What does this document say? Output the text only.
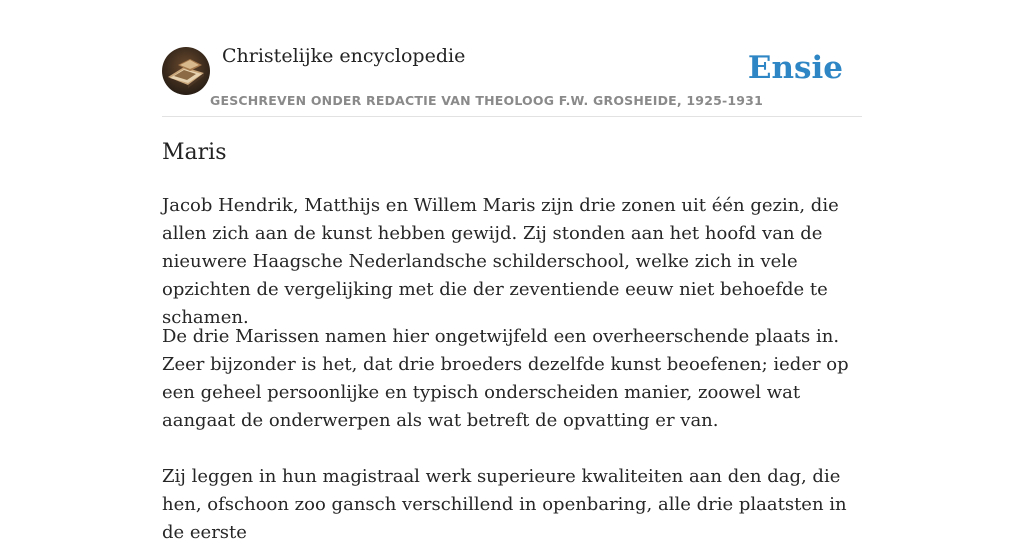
Christelijke encyclopedie
GESCHREVEN ONDER REDACTIE VAN THEOLOOG F.W. GROSHEIDE, 1925-1931
Ensie
Maris

Jacob Hendrik, Matthijs en Willem Maris zijn drie zonen uit één gezin, die allen zich aan de kunst hebben gewijd. Zij stonden aan het hoofd van de nieuwere Haagsche Nederlandsche schilderschool, welke zich in vele opzichten de vergelijking met die der zeventiende eeuw niet behoefde te schamen.

De drie Marissen namen hier ongetwijfeld een overheerschende plaats in. Zeer bijzonder is het, dat drie broeders dezelfde kunst beoefenen; ieder op een geheel persoonlijke en typisch onderscheiden manier, zoowel wat aangaat de onderwerpen als wat betreft de opvatting er van.

Zij leggen in hun magistraal werk superieure kwaliteiten aan den dag, die hen, ofschoon zoo gansch verschillend in openbaring, alle drie plaatsten in de eerste
